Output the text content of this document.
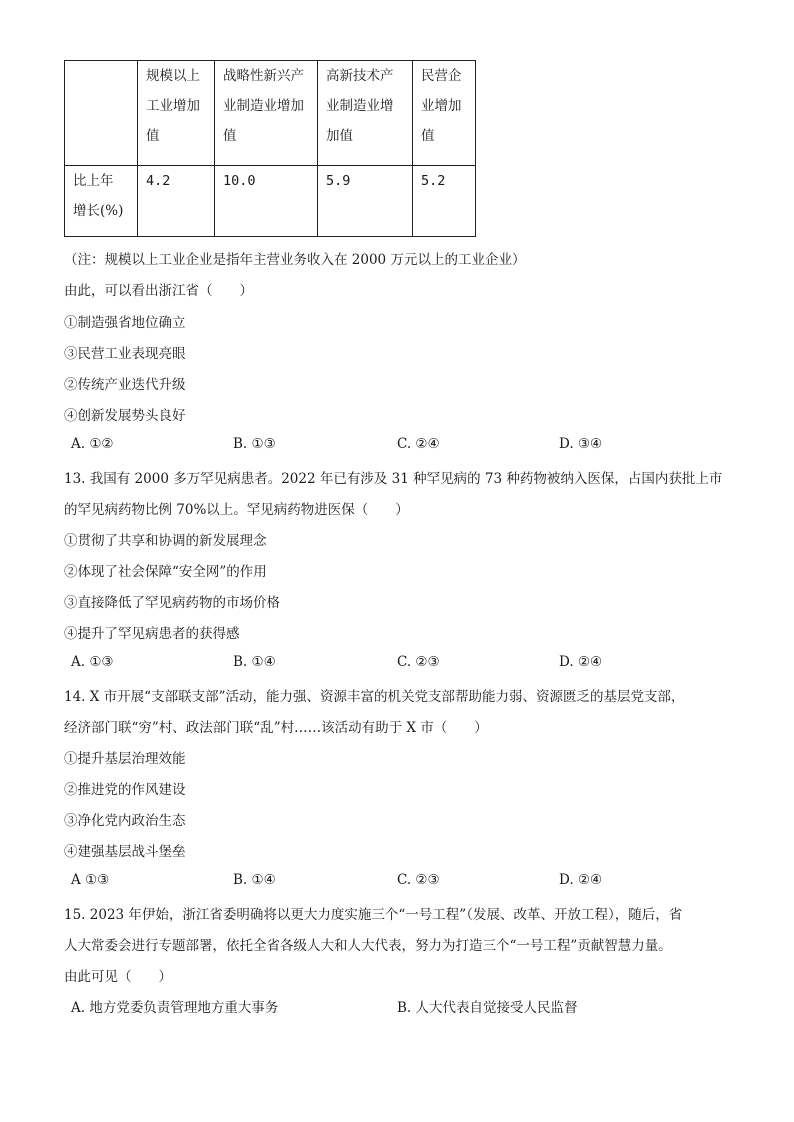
	规模以上
工业增加
值	战略性新兴产
业制造业增加
值	高新技术产
业制造业增
加值	民营企
业增加
值
比上年
增长(%)	4.2	10.0	5.9	5.2
（注：规模以上工业企业是指年主营业务收入在 2000 万元以上的工业企业）
由此，可以看出浙江省（　　）
①制造强省地位确立
③民营工业表现亮眼
②传统产业迭代升级
④创新发展势头良好
A. ①②	B. ①③	C. ②④	D. ③④
13. 我国有 2000 多万罕见病患者。2022 年已有涉及 31 种罕见病的 73 种药物被纳入医保，占国内获批上市
的罕见病药物比例 70%以上。罕见病药物进医保（　　）
①贯彻了共享和协调的新发展理念
②体现了社会保障“安全网”的作用
③直接降低了罕见病药物的市场价格
④提升了罕见病患者的获得感
A. ①③	B. ①④	C. ②③	D. ②④
14. X 市开展“支部联支部”活动，能力强、资源丰富的机关党支部帮助能力弱、资源匮乏的基层党支部，
经济部门联“穷”村、政法部门联“乱”村……该活动有助于 X 市（　　）
①提升基层治理效能
②推进党的作风建设
③净化党内政治生态
④建强基层战斗堡垒
A ①③	B. ①④	C. ②③	D. ②④
15. 2023 年伊始，浙江省委明确将以更大力度实施三个“一号工程”（发展、改革、开放工程），随后，省
人大常委会进行专题部署，依托全省各级人大和人大代表，努力为打造三个“一号工程”贡献智慧力量。
由此可见（　　）
A. 地方党委负责管理地方重大事务	B. 人大代表自觉接受人民监督
